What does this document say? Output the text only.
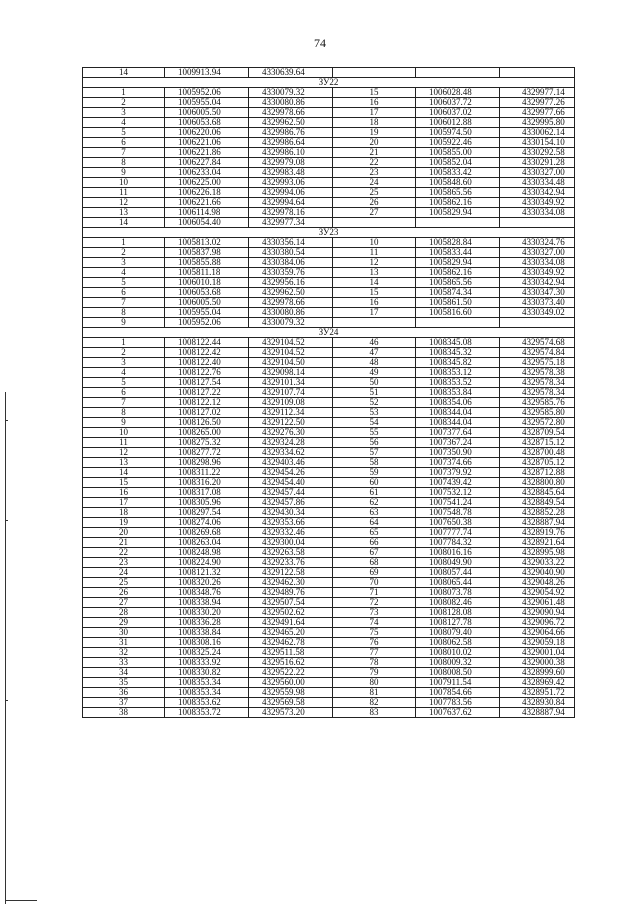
74
14	1009913.94	4330639.64			
ЗУ22					
1	1005952.06	4330079.32	15	1006028.48	4329977.14
2	1005955.04	4330080.86	16	1006037.72	4329977.26
3	1006005.50	4329978.66	17	1006037.02	4329977.66
4	1006053.68	4329962.50	18	1006012.88	4329995.80
5	1006220.06	4329986.76	19	1005974.50	4330062.14
6	1006221.06	4329986.64	20	1005922.46	4330154.10
7	1006221.86	4329986.10	21	1005855.00	4330292.58
8	1006227.84	4329979.08	22	1005852.04	4330291.28
9	1006233.04	4329983.48	23	1005833.42	4330327.00
10	1006225.00	4329993.06	24	1005848.60	4330334.48
11	1006226.18	4329994.06	25	1005865.56	4330342.94
12	1006221.66	4329994.64	26	1005862.16	4330349.92
13	1006114.98	4329978.16	27	1005829.94	4330334.08
14	1006054.40	4329977.34			
ЗУ23					
1	1005813.02	4330356.14	10	1005828.84	4330324.76
2	1005837.98	4330380.54	11	1005833.44	4330327.00
3	1005855.88	4330384.06	12	1005829.94	4330334.08
4	1005811.18	4330359.76	13	1005862.16	4330349.92
5	1006010.18	4329956.16	14	1005865.56	4330342.94
6	1006053.68	4329962.50	15	1005874.34	4330347.30
7	1006005.50	4329978.66	16	1005861.50	4330373.40
8	1005955.04	4330080.86	17	1005816.60	4330349.02
9	1005952.06	4330079.32			
ЗУ24					
1	1008122.44	4329104.52	46	1008345.08	4329574.68
2	1008122.42	4329104.52	47	1008345.32	4329574.84
3	1008122.40	4329104.50	48	1008345.82	4329575.18
4	1008122.76	4329098.14	49	1008353.12	4329578.38
5	1008127.54	4329101.34	50	1008353.52	4329578.34
6	1008127.22	4329107.74	51	1008353.84	4329578.34
7	1008122.12	4329109.08	52	1008354.06	4329585.76
8	1008127.02	4329112.34	53	1008344.04	4329585.80
9	1008126.50	4329122.50	54	1008344.04	4329572.80
10	1008265.00	4329276.30	55	1007377.64	4328709.54
11	1008275.32	4329324.28	56	1007367.24	4328715.12
12	1008277.72	4329334.62	57	1007350.90	4328700.48
13	1008298.96	4329403.46	58	1007374.66	4328705.12
14	1008311.22	4329454.26	59	1007379.92	4328712.88
15	1008316.20	4329454.40	60	1007439.42	4328800.80
16	1008317.08	4329457.44	61	1007532.12	4328845.64
17	1008305.96	4329457.86	62	1007541.24	4328849.54
18	1008297.54	4329430.34	63	1007548.78	4328852.28
19	1008274.06	4329353.66	64	1007650.38	4328887.94
20	1008269.68	4329332.46	65	1007777.74	4328919.76
21	1008263.04	4329300.04	66	1007784.32	4328921.64
22	1008248.98	4329263.58	67	1008016.16	4328995.98
23	1008224.90	4329233.76	68	1008049.90	4329033.22
24	1008121.32	4329122.58	69	1008057.44	4329040.90
25	1008320.26	4329462.30	70	1008065.44	4329048.26
26	1008348.76	4329489.76	71	1008073.78	4329054.92
27	1008338.94	4329507.54	72	1008082.46	4329061.48
28	1008330.20	4329502.62	73	1008128.08	4329090.94
29	1008336.28	4329491.64	74	1008127.78	4329096.72
30	1008338.84	4329465.20	75	1008079.40	4329064.66
31	1008308.16	4329462.78	76	1008062.58	4329059.18
32	1008325.24	4329511.58	77	1008010.02	4329001.04
33	1008333.92	4329516.62	78	1008009.32	4329000.38
34	1008330.82	4329522.22	79	1008008.50	4328999.60
35	1008353.34	4329560.00	80	1007911.54	4328969.42
36	1008353.34	4329559.98	81	1007854.66	4328951.72
37	1008353.62	4329569.58	82	1007783.56	4328930.84
38	1008353.72	4329573.20	83	1007637.62	4328887.94
